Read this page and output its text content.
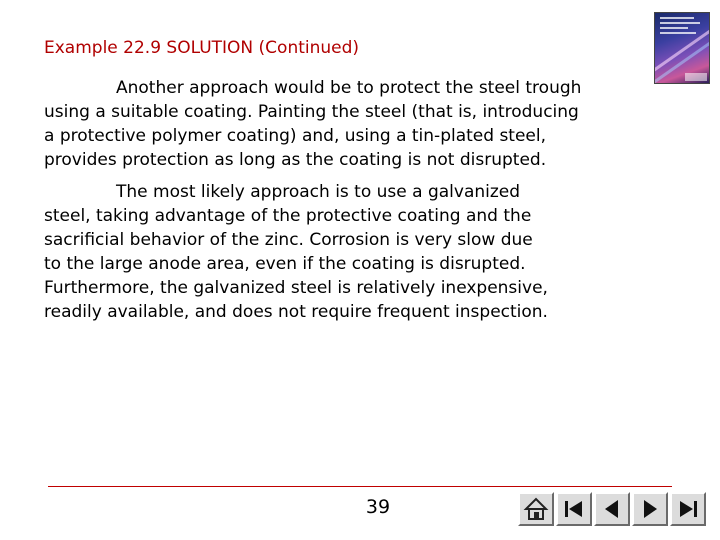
Example 22.9 SOLUTION (Continued)
Another approach would be to protect the steel trough
using a suitable coating. Painting the steel (that is, introducing
a protective polymer coating) and, using a tin-plated steel,
provides protection as long as the coating is not disrupted.
The most likely approach is to use a galvanized
steel, taking advantage of the protective coating and the
sacrificial behavior of the zinc. Corrosion is very slow due
to the large anode area, even if the coating is disrupted.
Furthermore, the galvanized steel is relatively inexpensive,
readily available, and does not require frequent inspection.
39
